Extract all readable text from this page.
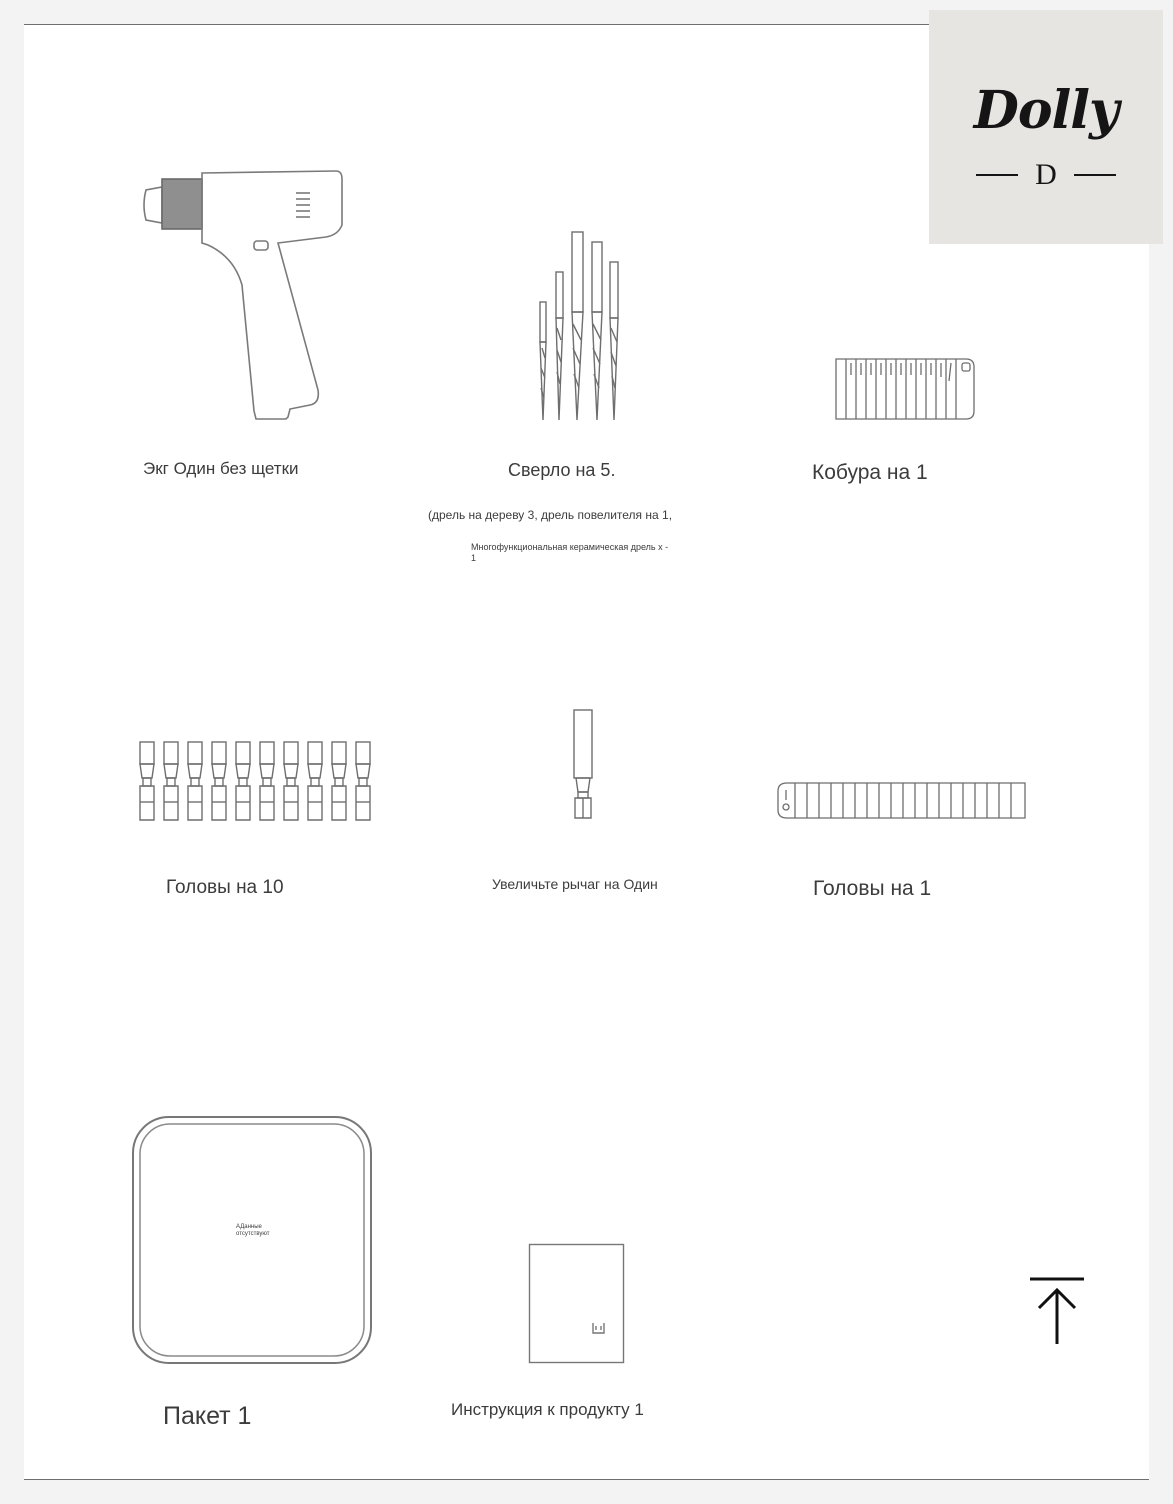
Dolly
D
Экг Один без щетки	Сверло на 5.
(дрель на дереву 3, дрель повелителя на 1,
Многофункциональная керамическая дрель x -
1
Кобура на 1
Головы на 10	Увеличьте рычаг на Один	Головы на 1
АДанные отсутствуют
Пакет 1	Инструкция к продукту 1
